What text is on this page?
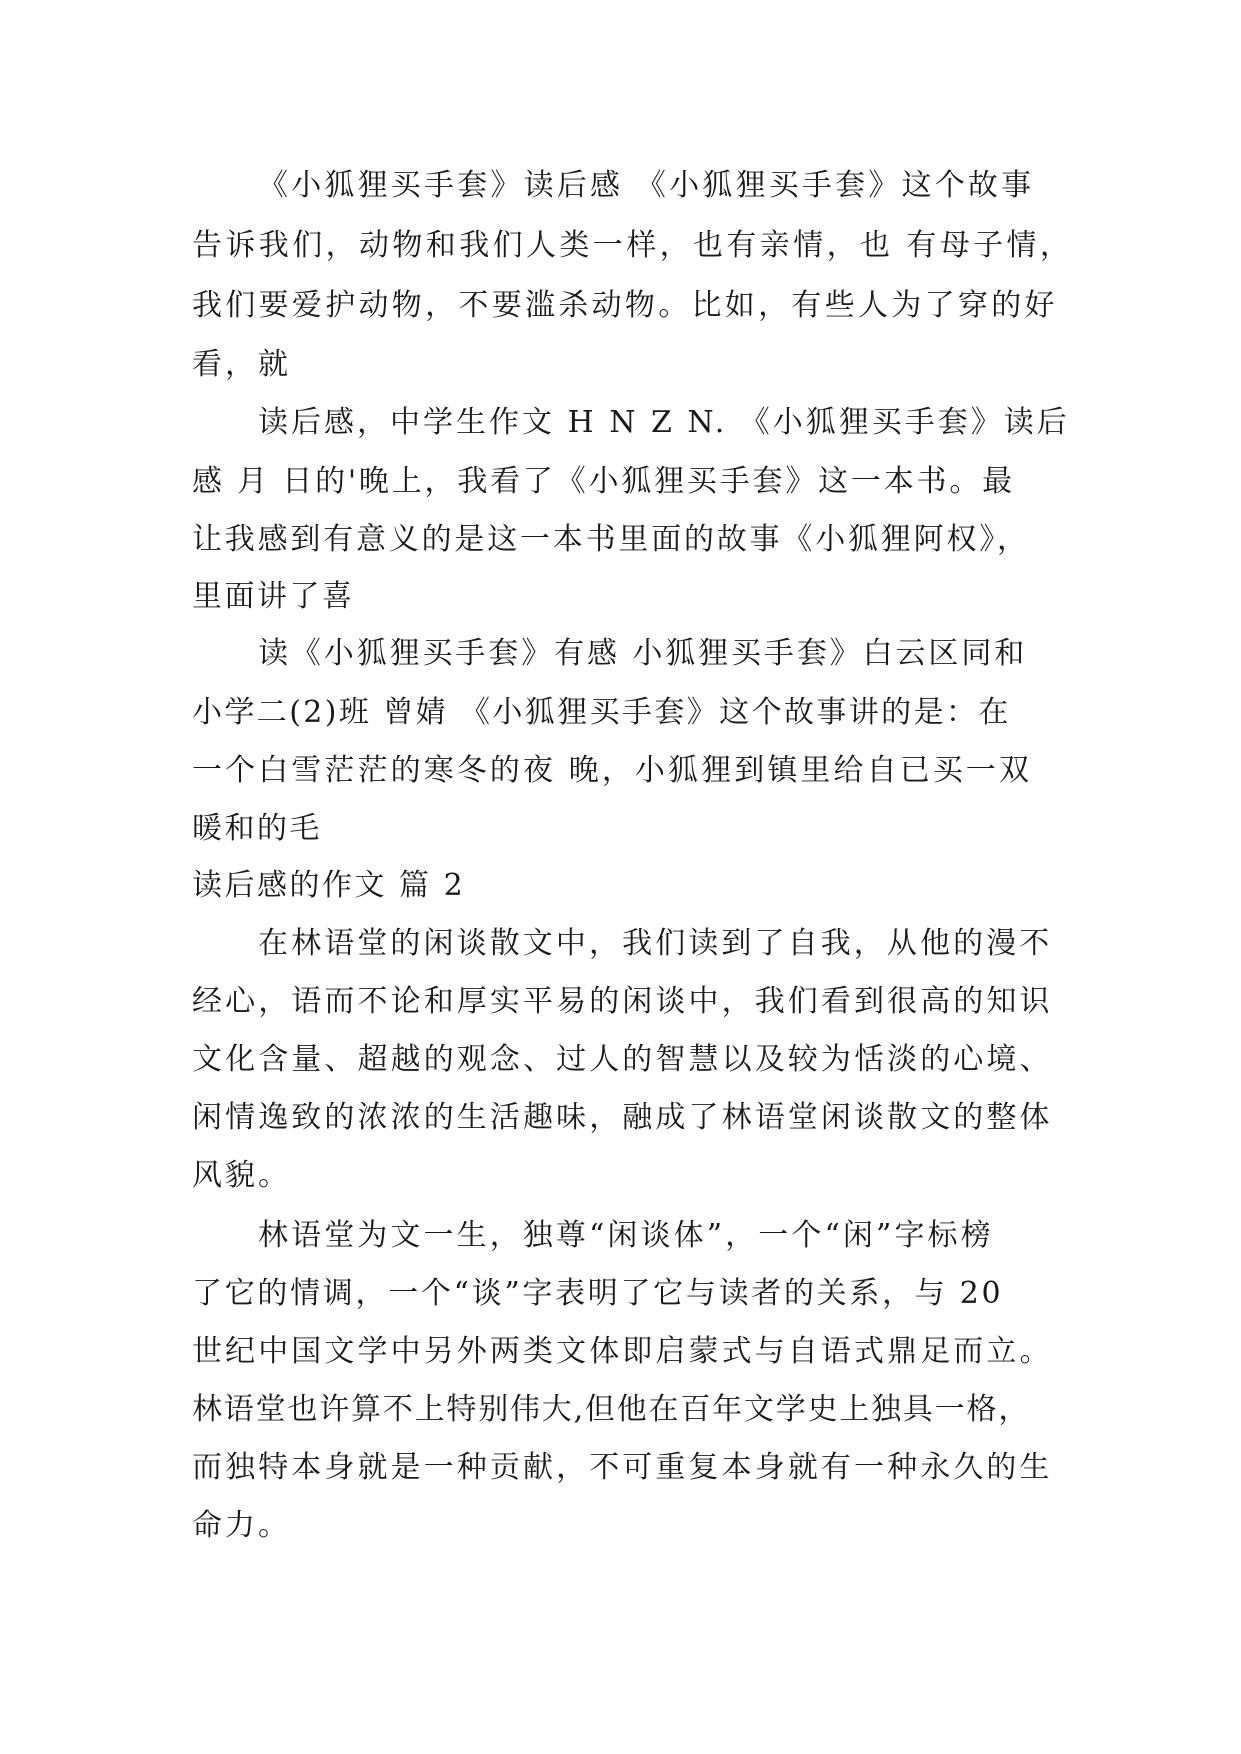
《小狐狸买手套》读后感 《小狐狸买手套》这个故事
告诉我们，动物和我们人类一样，也有亲情，也 有母子情，
我们要爱护动物，不要滥杀动物。比如，有些人为了穿的好
看，就
读后感，中学生作文 H N Z N. 《小狐狸买手套》读后
感 月 日的'晚上，我看了《小狐狸买手套》这一本书。最
让我感到有意义的是这一本书里面的故事《小狐狸阿权》，
里面讲了喜
读《小狐狸买手套》有感 小狐狸买手套》白云区同和
小学二(2)班 曾婧 《小狐狸买手套》这个故事讲的是：在
一个白雪茫茫的寒冬的夜 晚，小狐狸到镇里给自已买一双
暖和的毛
读后感的作文 篇 2
在林语堂的闲谈散文中，我们读到了自我，从他的漫不
经心，语而不论和厚实平易的闲谈中，我们看到很高的知识
文化含量、超越的观念、过人的智慧以及较为恬淡的心境、
闲情逸致的浓浓的生活趣味，融成了林语堂闲谈散文的整体
风貌。
林语堂为文一生，独尊“闲谈体”，一个“闲”字标榜
了它的情调，一个“谈”字表明了它与读者的关系，与 20
世纪中国文学中另外两类文体即启蒙式与自语式鼎足而立。
林语堂也许算不上特别伟大,但他在百年文学史上独具一格，
而独特本身就是一种贡献，不可重复本身就有一种永久的生
命力。
